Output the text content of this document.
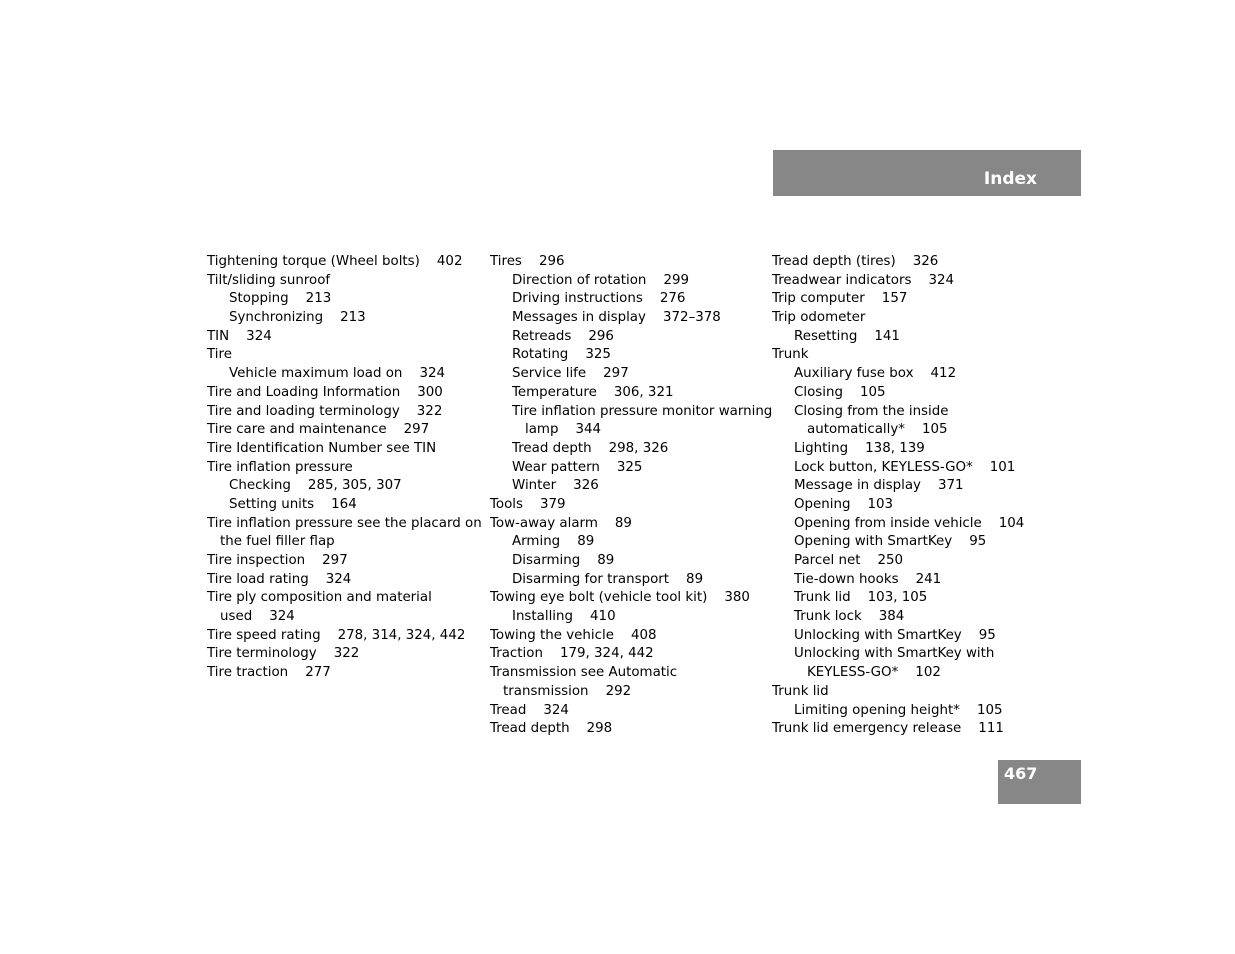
Index
Tightening torque (Wheel bolts)    402
Tilt/sliding sunroof
Stopping    213
Synchronizing    213
TIN    324
Tire
Vehicle maximum load on    324
Tire and Loading Information    300
Tire and loading terminology    322
Tire care and maintenance    297
Tire Identification Number see TIN
Tire inflation pressure
Checking    285, 305, 307
Setting units    164
Tire inflation pressure see the placard on
the fuel filler flap
Tire inspection    297
Tire load rating    324
Tire ply composition and material
used    324
Tire speed rating    278, 314, 324, 442
Tire terminology    322
Tire traction    277
Tires    296
Direction of rotation    299
Driving instructions    276
Messages in display    372–378
Retreads    296
Rotating    325
Service life    297
Temperature    306, 321
Tire inflation pressure monitor warning
lamp    344
Tread depth    298, 326
Wear pattern    325
Winter    326
Tools    379
Tow-away alarm    89
Arming    89
Disarming    89
Disarming for transport    89
Towing eye bolt (vehicle tool kit)    380
Installing    410
Towing the vehicle    408
Traction    179, 324, 442
Transmission see Automatic
transmission    292
Tread    324
Tread depth    298
Tread depth (tires)    326
Treadwear indicators    324
Trip computer    157
Trip odometer
Resetting    141
Trunk
Auxiliary fuse box    412
Closing    105
Closing from the inside
automatically*    105
Lighting    138, 139
Lock button, KEYLESS-GO*    101
Message in display    371
Opening    103
Opening from inside vehicle    104
Opening with SmartKey    95
Parcel net    250
Tie-down hooks    241
Trunk lid    103, 105
Trunk lock    384
Unlocking with SmartKey    95
Unlocking with SmartKey with
KEYLESS-GO*    102
Trunk lid
Limiting opening height*    105
Trunk lid emergency release    111
467
